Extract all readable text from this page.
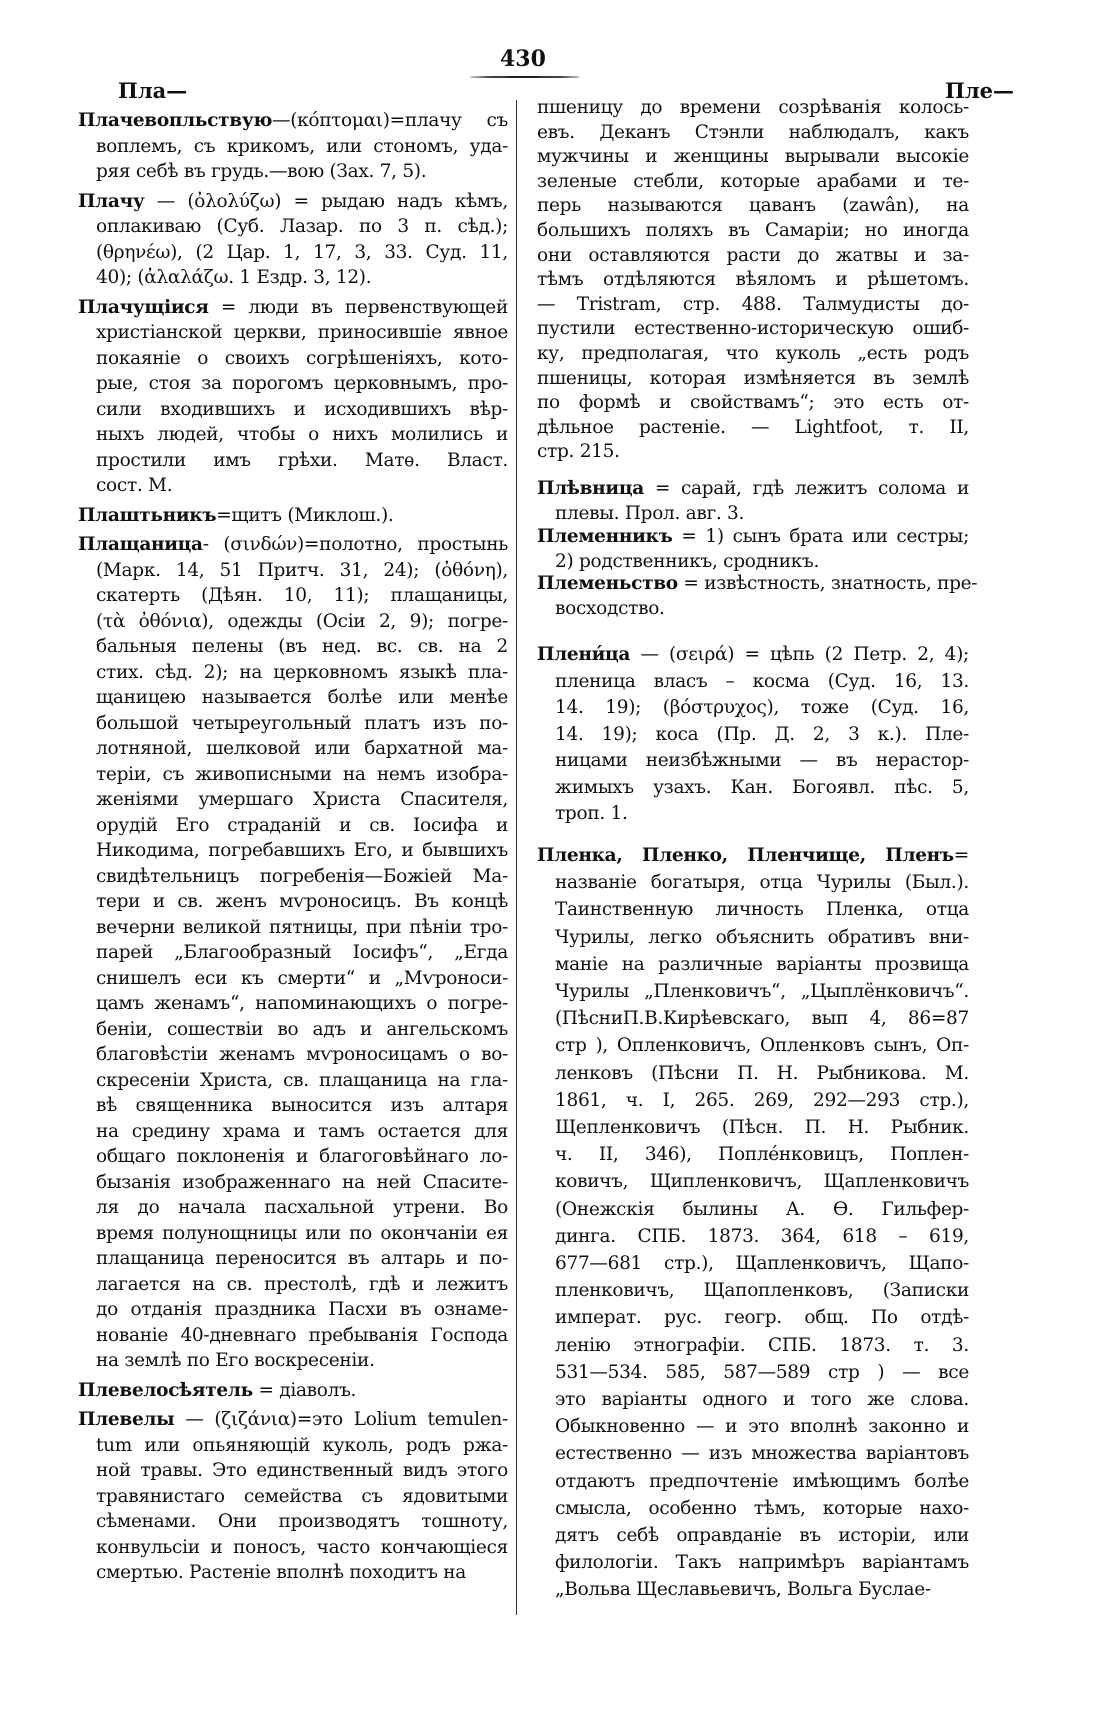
Пла—
430
Пле—
Плачевопльствую—(κόπτομαι)=плачу съ
воплемъ, съ крикомъ, или стономъ, уда-
ряя себѣ въ грудь.—вою (Зах. 7, 5).
Плачу — (ὀλολύζω) = рыдаю надъ кѣмъ,
оплакиваю (Суб. Лазар. по 3 п. сѣд.);
(θρηνέω), (2 Цар. 1, 17, 3, 33. Суд. 11,
40); (ἀλαλάζω. 1 Ездр. 3, 12).
Плачущіися = люди въ первенствующей
христіанской церкви, приносившіе явное
покаяніе о своихъ согрѣшеніяхъ, кото-
рые, стоя за порогомъ церковнымъ, про-
сили входившихъ и исходившихъ вѣр-
ныхъ людей, чтобы о нихъ молились и
простили имъ грѣхи. Матѳ. Власт.
сост. М.
Плаштьникъ=щитъ (Миклош.).
Плащаница- (σινδών)=полотно, простынь
(Марк. 14, 51 Притч. 31, 24); (ὀθόνη),
скатерть (Дѣян. 10, 11); плащаницы,
(τὰ ὀθόνια), одежды (Осіи 2, 9); погре-
бальныя пелены (въ нед. вс. св. на 2
стих. сѣд. 2); на церковномъ языкѣ пла-
щаницею называется болѣе или менѣе
большой четыреугольный платъ изъ по-
лотняной, шелковой или бархатной ма-
теріи, съ живописными на немъ изобра-
женіями умершаго Христа Спасителя,
орудій Его страданій и св. Іосифа и
Никодима, погребавшихъ Его, и бывшихъ
свидѣтельницъ погребенія—Божіей Ма-
тери и св. женъ мѵроносицъ. Въ концѣ
вечерни великой пятницы, при пѣніи тро-
парей „Благообразный Іосифъ“, „Егда
снишелъ еси къ смерти“ и „Мѵроноси-
цамъ женамъ“, напоминающихъ о погре-
беніи, сошествіи во адъ и ангельскомъ
благовѣстіи женамъ мѵроносицамъ о во-
скресеніи Христа, св. плащаница на гла-
вѣ священника выносится изъ алтаря
на средину храма и тамъ остается для
общаго поклоненія и благоговѣйнаго ло-
бызанія изображеннаго на ней Спасите-
ля до начала пасхальной утрени. Во
время полунощницы или по окончаніи ея
плащаница переносится въ алтарь и по-
лагается на св. престолѣ, гдѣ и лежитъ
до отданія праздника Пасхи въ ознаме-
нованіе 40-дневнаго пребыванія Господа
на землѣ по Его воскресеніи.
Плевелосѣятель = діаволъ.
Плевелы — (ζιζάνια)=это Lolium temulen-
tum или опьяняющій куколь, родъ ржа-
ной травы. Это единственный видъ этого
травянистаго семейства съ ядовитыми
сѣменами. Они производятъ тошноту,
конвульсіи и поносъ, часто кончающіеся
смертью. Растеніе вполнѣ походитъ на
пшеницу до времени созрѣванія колось-
евъ. Деканъ Стэнли наблюдалъ, какъ
мужчины и женщины вырывали высокіе
зеленые стебли, которые арабами и те-
перь называются цаванъ (zawân), на
большихъ поляхъ въ Самаріи; но иногда
они оставляются расти до жатвы и за-
тѣмъ отдѣляются вѣяломъ и рѣшетомъ.
— Tristram, стр. 488. Талмудисты до-
пустили естественно-историческую ошиб-
ку, предполагая, что куколь „есть родъ
пшеницы, которая измѣняется въ землѣ
по формѣ и свойствамъ“; это есть от-
дѣльное растеніе. — Lightfoot, т. II,
стр. 215.
Плѣвница = сарай, гдѣ лежитъ солома и
плевы. Прол. авг. 3.
Племенникъ = 1) сынъ брата или сестры;
2) родственникъ, сродникъ.
Племеньство = извѣстность, знатность, пре-
восходство.
Плени́ца — (σειρά) = цѣпь (2 Петр. 2, 4);
пленица власъ – косма (Суд. 16, 13.
14. 19); (βόστρυχος), тоже (Суд. 16,
14. 19); коса (Пр. Д. 2, 3 к.). Пле-
ницами неизбѣжными — въ нерастор-
жимыхъ узахъ. Кан. Богоявл. пѣс. 5,
троп. 1.
Пленка, Пленко, Пленчище, Пленъ=
названіе богатыря, отца Чурилы (Был.).
Таинственную личность Пленка, отца
Чурилы, легко объяснить обративъ вни-
маніе на различные варіанты прозвища
Чурилы „Пленковичъ“, „Цыплёнковичъ“.
(ПѣсниП.В.Кирѣевскаго, вып 4, 86=87
стр ), Опленковичъ, Опленковъ сынъ, Оп-
ленковъ (Пѣсни П. Н. Рыбникова. М.
1861, ч. I, 265. 269, 292—293 стр.),
Щепленковичъ (Пѣсн. П. Н. Рыбник.
ч. II, 346), Попле́нковицъ, Поплен-
ковичъ, Щипленковичъ, Щапленковичъ
(Онежскія былины А. Ѳ. Гильфер-
динга. СПБ. 1873. 364, 618 – 619,
677—681 стр.), Щапленковичъ, Щапо-
пленковичъ, Щапопленковъ, (Записки
императ. рус. геогр. общ. По отдѣ-
ленію этнографіи. СПБ. 1873. т. 3.
531—534. 585, 587—589 стр ) — все
это варіанты одного и того же слова.
Обыкновенно — и это вполнѣ законно и
естественно — изъ множества варіантовъ
отдаютъ предпочтеніе имѣющимъ болѣе
смысла, особенно тѣмъ, которые нахо-
дятъ себѣ оправданіе въ исторіи, или
филологіи. Такъ напримѣръ варіантамъ
„Вольва Щеславьевичъ, Вольга Буслае-
